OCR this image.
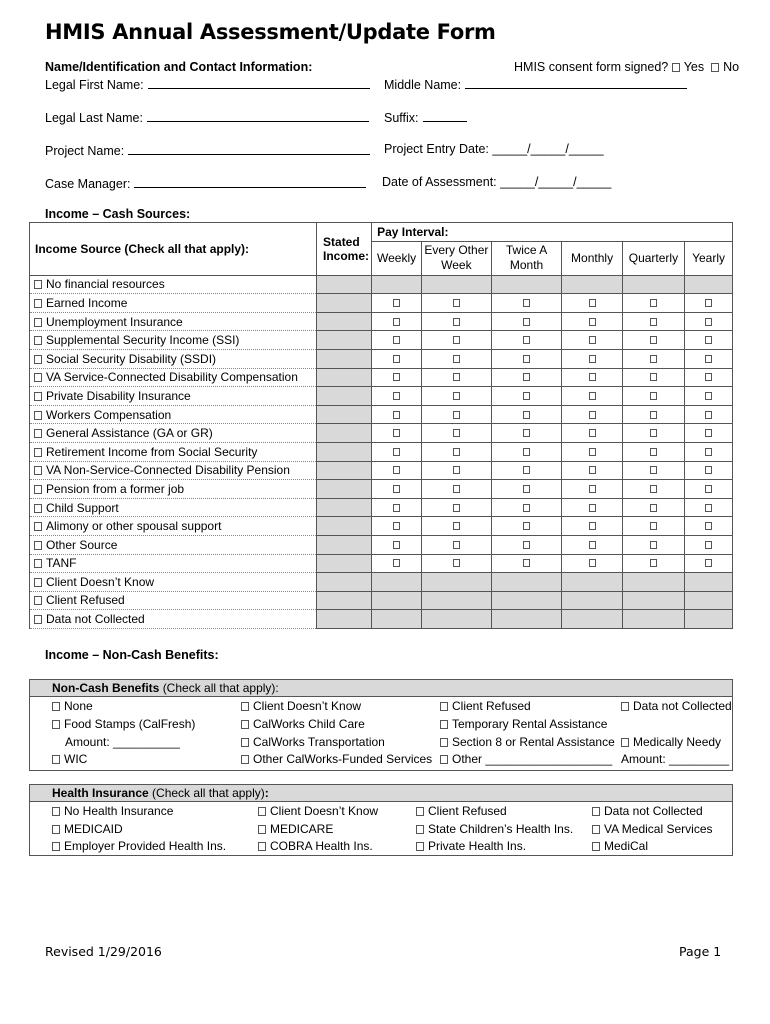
HMIS Annual Assessment/Update Form
Name/Identification and Contact Information:	HMIS consent form signed? Yes No
Legal First Name:	Middle Name:
Legal Last Name:	Suffix:
Project Name:	Project Entry Date: _____/_____/_____
Case Manager:	Date of Assessment: _____/_____/_____
Income – Cash Sources:
Income Source (Check all that apply):	Stated Income:	Pay Interval:					
		Weekly	Every Other Week	Twice A Month	Monthly	Quarterly	Yearly
No financial resources							
Earned Income							
Unemployment Insurance							
Supplemental Security Income (SSI)							
Social Security Disability (SSDI)							
VA Service-Connected Disability Compensation							
Private Disability Insurance							
Workers Compensation							
General Assistance (GA or GR)							
Retirement Income from Social Security							
VA Non-Service-Connected Disability Pension							
Pension from a former job							
Child Support							
Alimony or other spousal support							
Other Source							
TANF							
Client Doesn’t Know							
Client Refused							
Data not Collected							
Income – Non-Cash Benefits:
Non-Cash Benefits (Check all that apply):
None	Client Doesn’t Know	Client Refused	Data not Collected
Food Stamps (CalFresh)	CalWorks Child Care	Temporary Rental Assistance
Amount: __________	CalWorks Transportation	Section 8 or Rental Assistance	Medically Needy
WIC	Other CalWorks-Funded Services	Other ___________________ Amount: _________
Health Insurance (Check all that apply):
No Health Insurance	Client Doesn’t Know	Client Refused	Data not Collected
MEDICAID	MEDICARE	State Children’s Health Ins.	VA Medical Services
Employer Provided Health Ins.	COBRA Health Ins.	Private Health Ins.	MediCal
Revised 1/29/2016	Page 1
